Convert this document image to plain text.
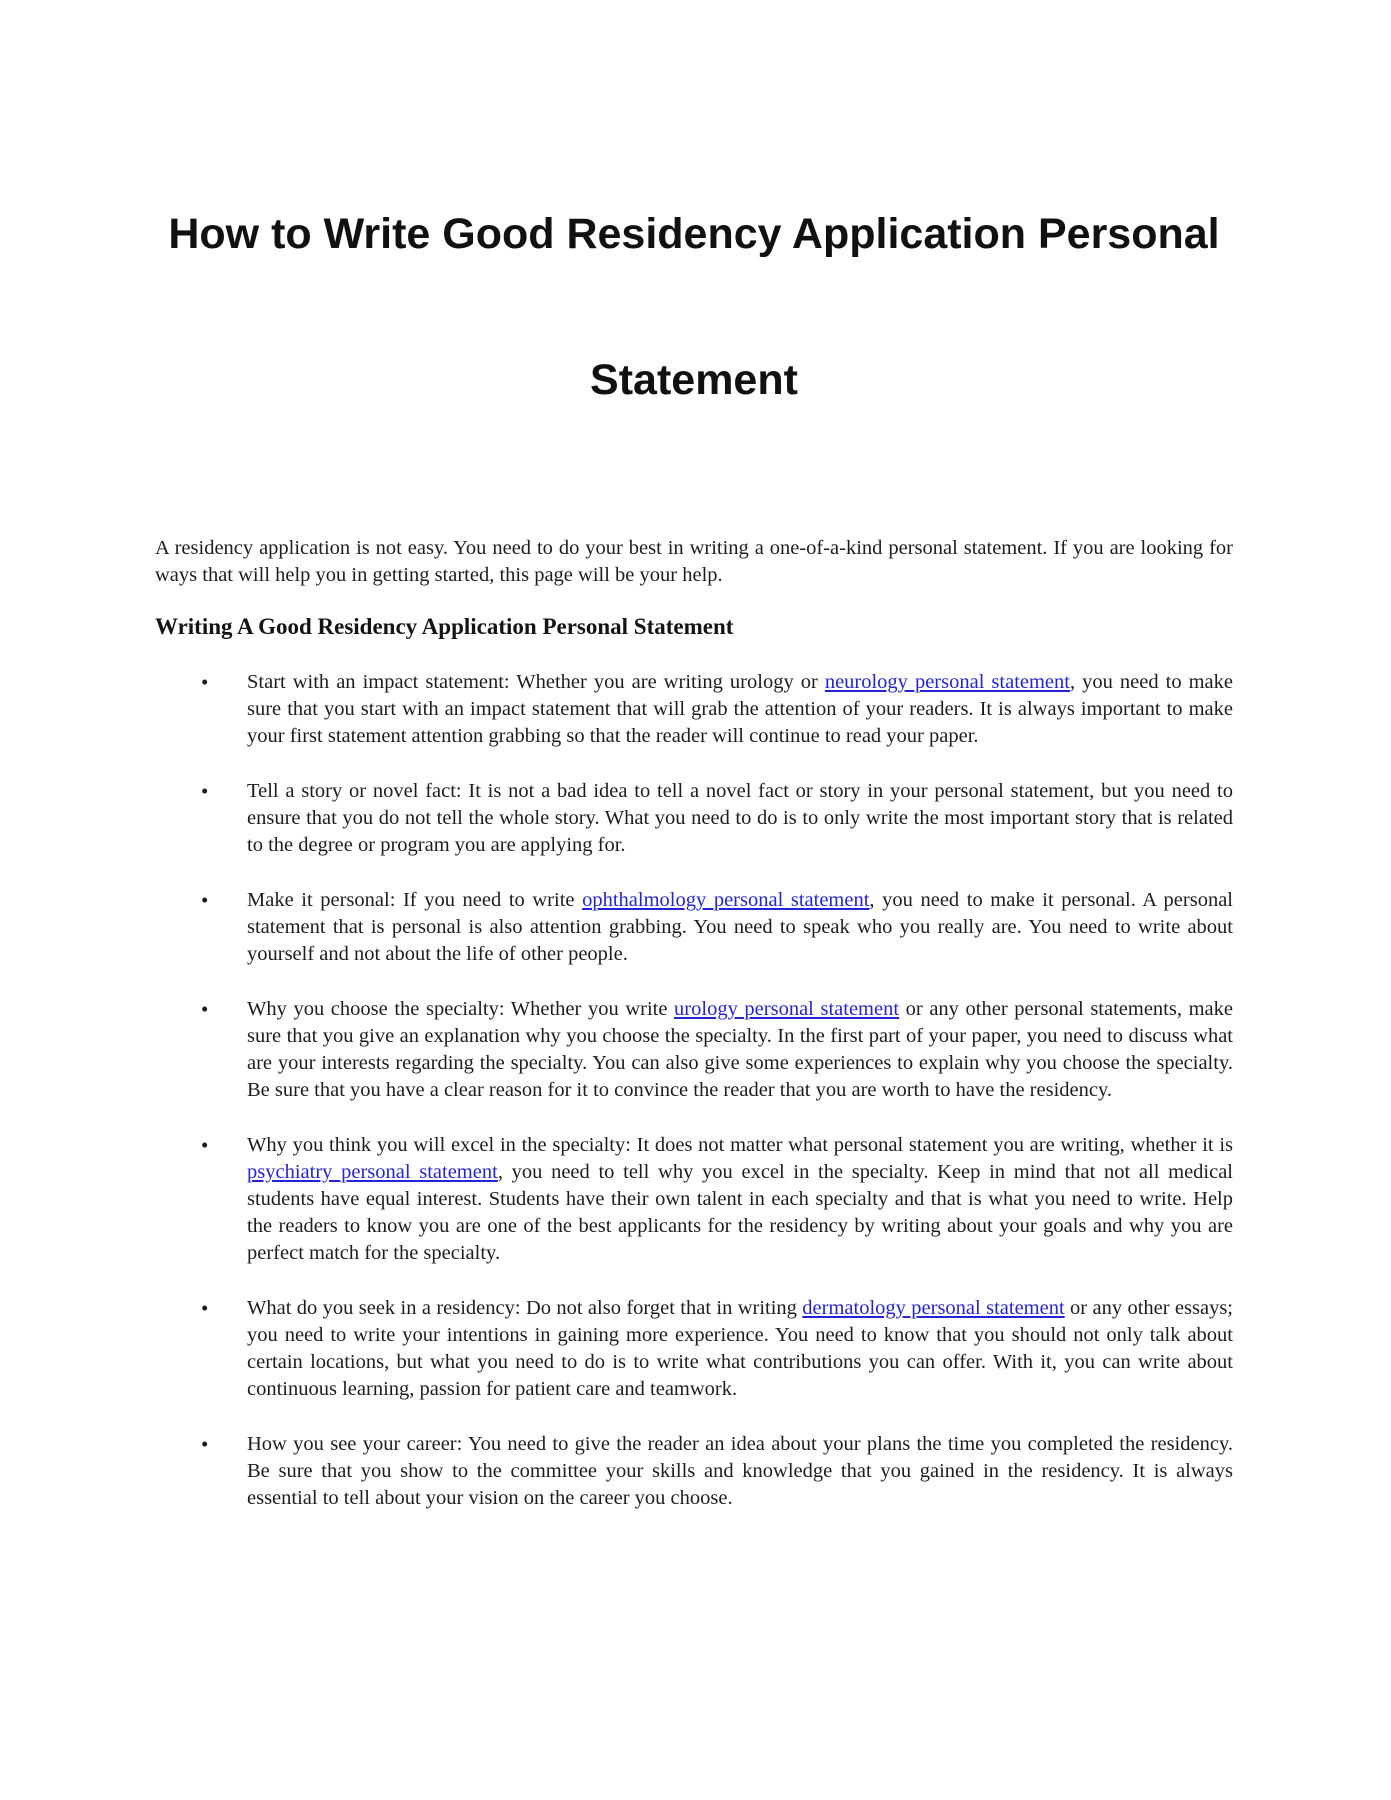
How to Write Good Residency Application Personal
Statement

A residency application is not easy. You need to do your best in writing a one-of-a-kind personal statement. If you are looking for ways that will help you in getting started, this page will be your help.

Writing A Good Residency Application Personal Statement
• Start with an impact statement: Whether you are writing urology or neurology personal statement, you need to make sure that you start with an impact statement that will grab the attention of your readers. It is always important to make your first statement attention grabbing so that the reader will continue to read your paper.
• Tell a story or novel fact: It is not a bad idea to tell a novel fact or story in your personal statement, but you need to ensure that you do not tell the whole story. What you need to do is to only write the most important story that is related to the degree or program you are applying for.
• Make it personal: If you need to write ophthalmology personal statement, you need to make it personal. A personal statement that is personal is also attention grabbing. You need to speak who you really are. You need to write about yourself and not about the life of other people.
• Why you choose the specialty: Whether you write urology personal statement or any other personal statements, make sure that you give an explanation why you choose the specialty. In the first part of your paper, you need to discuss what are your interests regarding the specialty. You can also give some experiences to explain why you choose the specialty. Be sure that you have a clear reason for it to convince the reader that you are worth to have the residency.
• Why you think you will excel in the specialty: It does not matter what personal statement you are writing, whether it is psychiatry personal statement, you need to tell why you excel in the specialty. Keep in mind that not all medical students have equal interest. Students have their own talent in each specialty and that is what you need to write. Help the readers to know you are one of the best applicants for the residency by writing about your goals and why you are perfect match for the specialty.
• What do you seek in a residency: Do not also forget that in writing dermatology personal statement or any other essays; you need to write your intentions in gaining more experience. You need to know that you should not only talk about certain locations, but what you need to do is to write what contributions you can offer. With it, you can write about continuous learning, passion for patient care and teamwork.
• How you see your career: You need to give the reader an idea about your plans the time you completed the residency. Be sure that you show to the committee your skills and knowledge that you gained in the residency. It is always essential to tell about your vision on the career you choose.
